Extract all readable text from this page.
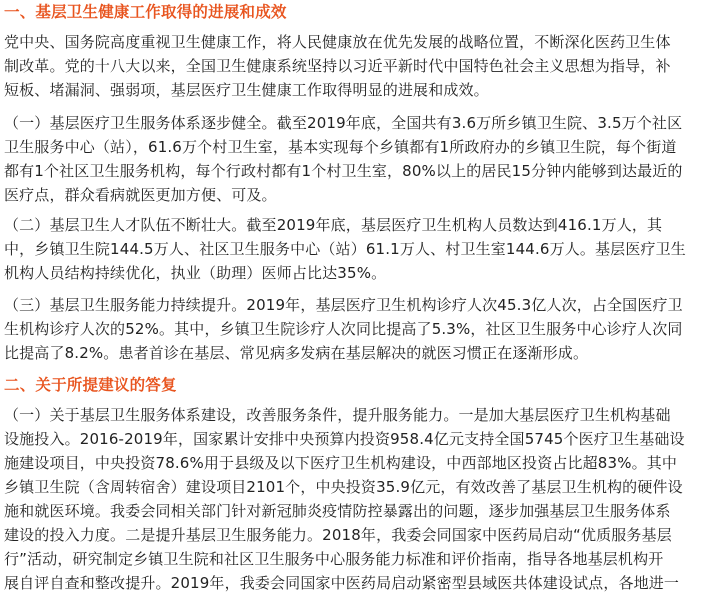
一、基层卫生健康工作取得的进展和成效

党中央、国务院高度重视卫生健康工作，将人民健康放在优先发展的战略位置，不断深化医药卫生体

制改革。党的十八大以来，全国卫生健康系统坚持以习近平新时代中国特色社会主义思想为指导，补

短板、堵漏洞、强弱项，基层医疗卫生健康工作取得明显的进展和成效。

（一）基层医疗卫生服务体系逐步健全。截至2019年底，全国共有3.6万所乡镇卫生院、3.5万个社区

卫生服务中心（站），61.6万个村卫生室，基本实现每个乡镇都有1所政府办的乡镇卫生院，每个街道

都有1个社区卫生服务机构，每个行政村都有1个村卫生室，80%以上的居民15分钟内能够到达最近的

医疗点，群众看病就医更加方便、可及。

（二）基层卫生人才队伍不断壮大。截至2019年底，基层医疗卫生机构人员数达到416.1万人，其

中，乡镇卫生院144.5万人、社区卫生服务中心（站）61.1万人、村卫生室144.6万人。基层医疗卫生

机构人员结构持续优化，执业（助理）医师占比达35%。

（三）基层卫生服务能力持续提升。2019年，基层医疗卫生机构诊疗人次45.3亿人次，占全国医疗卫

生机构诊疗人次的52%。其中，乡镇卫生院诊疗人次同比提高了5.3%，社区卫生服务中心诊疗人次同

比提高了8.2%。患者首诊在基层、常见病多发病在基层解决的就医习惯正在逐渐形成。

二、关于所提建议的答复

（一）关于基层卫生服务体系建设，改善服务条件，提升服务能力。一是加大基层医疗卫生机构基础

设施投入。2016-2019年，国家累计安排中央预算内投资958.4亿元支持全国5745个医疗卫生基础设

施建设项目，中央投资78.6%用于县级及以下医疗卫生机构建设，中西部地区投资占比超83%。其中

乡镇卫生院（含周转宿舍）建设项目2101个，中央投资35.9亿元，有效改善了基层卫生机构的硬件设

施和就医环境。我委会同相关部门针对新冠肺炎疫情防控暴露出的问题，逐步加强基层卫生服务体系

建设的投入力度。二是提升基层卫生服务能力。2018年，我委会同国家中医药局启动“优质服务基层

行”活动，研究制定乡镇卫生院和社区卫生服务中心服务能力标准和评价指南，指导各地基层机构开

展自评自查和整改提升。2019年，我委会同国家中医药局启动紧密型县域医共体建设试点，各地进一
